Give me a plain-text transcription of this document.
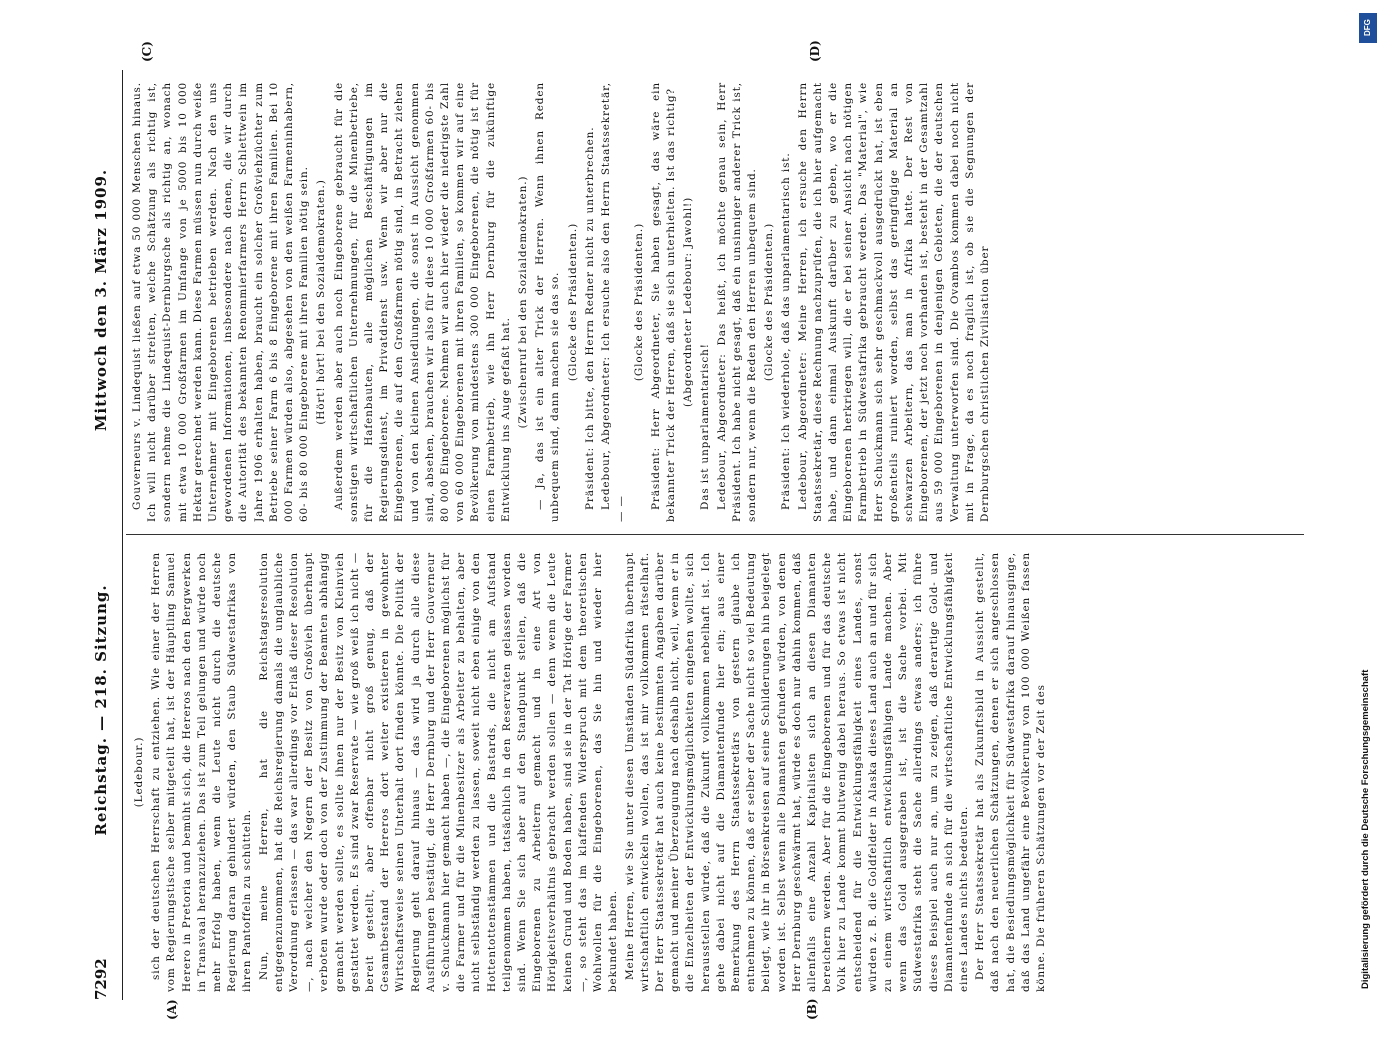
7292
Reichstag. — 218. Sitzung.
Mittwoch den 3. März 1909.
(A)	(B)
(C)	(D)

(Ledebour.) sich der deutschen Herrschaft zu entziehen. Wie einer der Herren vom Regierungstische selber mitgeteilt hat, ist der Häuptling Samuel Herero in Pretoria und bemüht sich, die Hereros nach den Bergwerken in Transvaal heranzuziehen. Das ist zum Teil gelungen und würde noch mehr Erfolg haben, wenn die Leute nicht durch die deutsche Regierung daran gehindert würden, den Staub Südwestafrikas von ihren Pantoffeln zu schütteln. Nun, meine Herren, hat die Reichstagsresolution entgegenzunommen, hat die Reichsregierung damals die unglaubliche Verordnung erlassen — das war allerdings vor Erlaß dieser Resolution —, nach welcher den Negern der Besitz von Großvieh überhaupt verboten wurde oder doch von der Zustimmung der Beamten abhängig gemacht werden sollte, es sollte ihnen nur der Besitz von Kleinvieh gestattet werden. Es sind zwar Reservate — wie groß weiß ich nicht — bereit gestellt, aber offenbar nicht groß genug, daß der Gesamtbestand der Hereros dort weiter existieren in gewohnter Wirtschaftsweise seinen Unterhalt dort finden könnte. Die Politik der Regierung geht darauf hinaus — das wird ja durch alle diese Ausführungen bestätigt, die Herr Dernburg und der Herr Gouverneur v. Schuckmann hier gemacht haben —, die Eingeborenen möglichst für die Farmer und für die Minenbesitzer als Arbeiter zu behalten, aber nicht selbständig werden zu lassen, soweit nicht eben einige von den Hottentottenstämmen und die Bastards, die nicht am Aufstand teilgenommen haben, tatsächlich in den Reservaten gelassen worden sind. Wenn Sie sich aber auf den Standpunkt stellen, daß die Eingeborenen zu Arbeitern gemacht und in eine Art von Hörigkeitsverhältnis gebracht werden sollen — denn wenn die Leute keinen Grund und Boden haben, sind sie in der Tat Hörige der Farmer —, so steht das im klaffenden Widerspruch mit dem theoretischen Wohlwollen für die Eingeborenen, das Sie hin und wieder hier bekundet haben. Meine Herren, wie Sie unter diesen Umständen Südafrika überhaupt wirtschaftlich entwickeln wollen, das ist mir vollkommen rätselhaft. Der Herr Staatssekretär hat auch keine bestimmten Angaben darüber gemacht und meiner Überzeugung nach deshalb nicht, weil, wenn er in die Einzelheiten der Entwicklungsmöglichkeiten eingehen wollte, sich herausstellen würde, daß die Zukunft vollkommen nebelhaft ist. Ich gehe dabei nicht auf die Diamantenfunde hier ein; aus einer Bemerkung des Herrn Staatssekretärs von gestern glaube ich entnehmen zu können, daß er selber der Sache nicht so viel Bedeutung beilegt, wie ihr in Börsenkreisen auf seine Schilderungen hin beigelegt worden ist. Selbst wenn alle Diamanten gefunden würden, von denen Herr Dernburg geschwärmt hat, würde es doch nur dahin kommen, daß allenfalls eine Anzahl Kapitalisten sich an diesen Diamanten bereichern werden. Aber für die Eingeborenen und für das deutsche Volk hier zu Lande kommt blutwenig dabei heraus. So etwas ist nicht entscheidend für die Entwicklungsfähigkeit eines Landes, sonst würden z. B. die Goldfelder in Alaska dieses Land auch an und für sich zu einem wirtschaftlich entwicklungsfähigen Lande machen. Aber wenn das Gold ausgegraben ist, ist die Sache vorbei. Mit Südwestafrika steht die Sache allerdings etwas anders; ich führe dieses Beispiel auch nur an, um zu zeigen, daß derartige Gold- und Diamantenfunde an sich für die wirtschaftliche Entwicklungsfähigkeit eines Landes nichts bedeuten. Der Herr Staatssekretär hat als Zukunftsbild in Aussicht gestellt, daß nach den neuerlichen Schätzungen, denen er sich angeschlossen hat, die Besiedlungsmöglichkeit für Südwestafrika darauf hinausginge, daß das Land ungefähr eine Bevölkerung von 100 000 Weißen fassen könne. Die früheren Schätzungen vor der Zeit des

Gouverneurs v. Lindequist ließen auf etwa 50 000 Menschen hinaus. Ich will nicht darüber streiten, welche Schätzung als richtig ist, sondern nehme die Lindequist-Dernburgsche als richtig an, wonach mit etwa 10 000 Großfarmen im Umfange von je 5000 bis 10 000 Hektar gerechnet werden kann. Diese Farmen müssen nun durch weiße Unternehmer mit Eingeborenen betrieben werden. Nach den uns gewordenen Informationen, insbesondere nach denen, die wir durch die Autorität des bekannten Renommierfarmers Herrn Schlettwein im Jahre 1906 erhalten haben, braucht ein solcher Großviehzüchter zum Betriebe seiner Farm 6 bis 8 Eingeborene mit ihren Familien. Bei 10 000 Farmen würden also, abgesehen von den weißen Farmeninhabern, 60- bis 80 000 Eingeborene mit ihren Familien nötig sein. (Hört! hört! bei den Sozialdemokraten.) Außerdem werden aber auch noch Eingeborene gebraucht für die sonstigen wirtschaftlichen Unternehmungen, für die Minenbetriebe, für die Hafenbauten, alle möglichen Beschäftigungen im Regierungsdienst, im Privatdienst usw. Wenn wir aber nur die Eingeborenen, die auf den Großfarmen nötig sind, in Betracht ziehen und von den kleinen Ansiedlungen, die sonst in Aussicht genommen sind, absehen, brauchen wir also für diese 10 000 Großfarmen 60- bis 80 000 Eingeborene. Nehmen wir auch hier wieder die niedrigste Zahl von 60 000 Eingeborenen mit ihren Familien, so kommen wir auf eine Bevölkerung von mindestens 300 000 Eingeborenen, die nötig ist für einen Farmbetrieb, wie ihn Herr Dernburg für die zukünftige Entwicklung ins Auge gefaßt hat. (Zwischenruf bei den Sozialdemokraten.) — Ja, das ist ein alter Trick der Herren. Wenn ihnen Reden unbequem sind, dann machen sie das so. (Glocke des Präsidenten.) Präsident: Ich bitte, den Herrn Redner nicht zu unterbrechen. Ledebour, Abgeordneter: Ich ersuche also den Herrn Staatssekretär, — —

(Glocke des Präsidenten.) Präsident: Herr Abgeordneter, Sie haben gesagt, das wäre ein bekannter Trick der Herren, daß sie sich unterhielten. Ist das richtig? (Abgeordneter Ledebour: Jawohl!)

Das ist unparlamentarisch! Ledebour, Abgeordneter: Das heißt, ich möchte genau sein, Herr Präsident. Ich habe nicht gesagt, daß ein unsinniger anderer Trick ist, sondern nur, wenn die Reden den Herren unbequem sind. (Glocke des Präsidenten.) Präsident: Ich wiederhole, daß das unparlamentarisch ist. Ledebour, Abgeordneter: Meine Herren, ich ersuche den Herrn Staatssekretär, diese Rechnung nachzuprüfen, die ich hier aufgemacht habe, und dann einmal Auskunft darüber zu geben, wo er die Eingeborenen herkriegen will, die er bei seiner Ansicht nach nötigen Farmbetrieb in Südwestafrika gebraucht werden. Das "Material", wie Herr Schuckmann sich sehr geschmackvoll ausgedrückt hat, ist eben großenteils ruiniert worden, selbst das geringfügige Material an schwarzen Arbeitern, das man in Afrika hatte. Der Rest von Eingeborenen, der jetzt noch vorhanden ist, besteht in der Gesamtzahl aus 59 000 Eingeborenen in denjenigen Gebieten, die der deutschen Verwaltung unterworfen sind. Die Ovambos kommen dabei noch nicht mit in Frage, da es noch fraglich ist, ob sie die Segnungen der Dernburgschen christlichen Zivilisation über

DFG
Digitalisierung gefördert durch die Deutsche Forschungsgemeinschaft
